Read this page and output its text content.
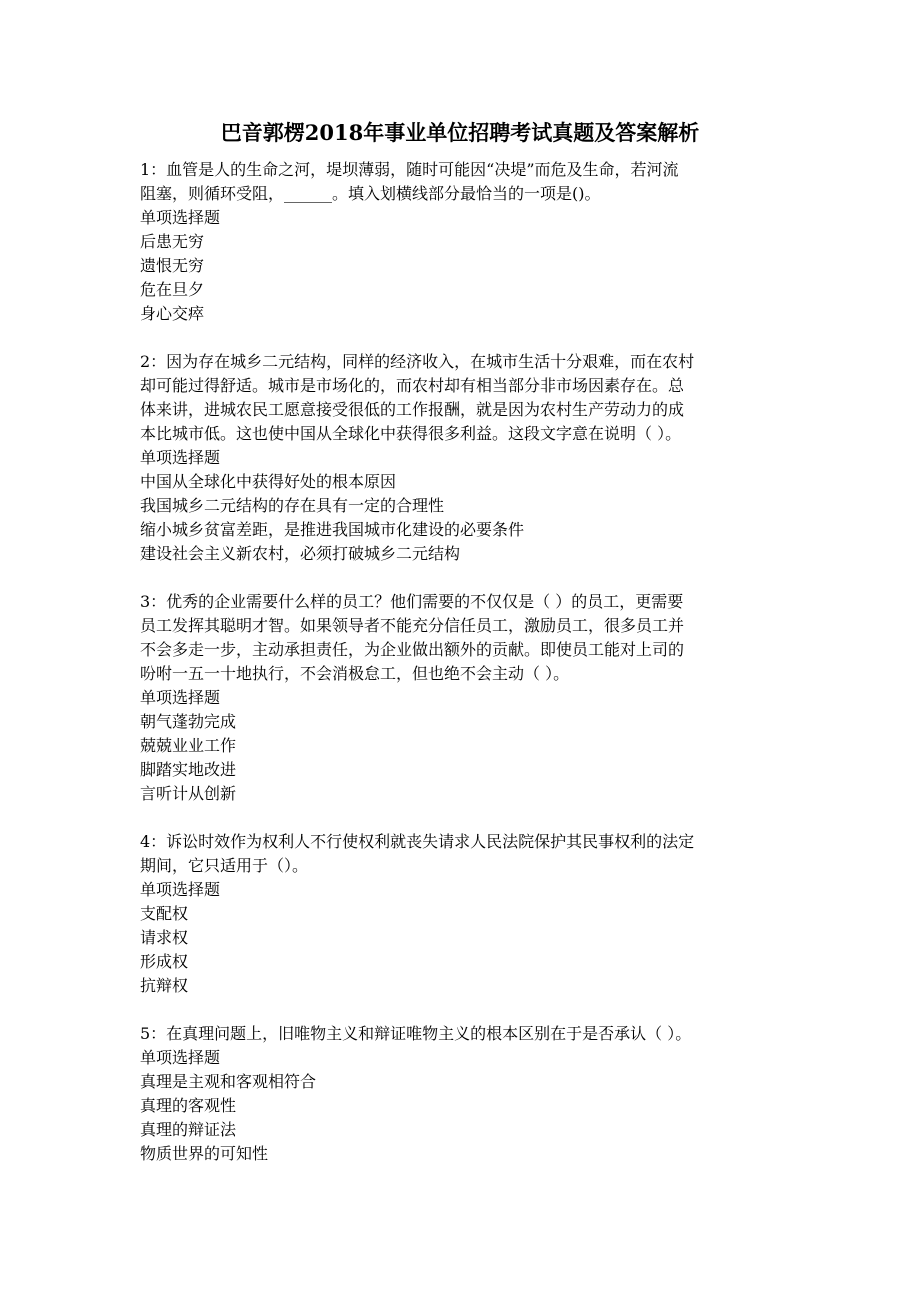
巴音郭楞2018年事业单位招聘考试真题及答案解析
1：血管是人的生命之河，堤坝薄弱，随时可能因“决堤”而危及生命，若河流
阻塞，则循环受阻，______。填入划横线部分最恰当的一项是()。
单项选择题
后患无穷
遗恨无穷
危在旦夕
身心交瘁
2：因为存在城乡二元结构，同样的经济收入，在城市生活十分艰难，而在农村
却可能过得舒适。城市是市场化的，而农村却有相当部分非市场因素存在。总
体来讲，进城农民工愿意接受很低的工作报酬，就是因为农村生产劳动力的成
本比城市低。这也使中国从全球化中获得很多利益。这段文字意在说明（ ）。
单项选择题
中国从全球化中获得好处的根本原因
我国城乡二元结构的存在具有一定的合理性
缩小城乡贫富差距，是推进我国城市化建设的必要条件
建设社会主义新农村，必须打破城乡二元结构
3：优秀的企业需要什么样的员工？他们需要的不仅仅是（ ）的员工，更需要
员工发挥其聪明才智。如果领导者不能充分信任员工，激励员工，很多员工并
不会多走一步，主动承担责任，为企业做出额外的贡献。即使员工能对上司的
吩咐一五一十地执行，不会消极怠工，但也绝不会主动（ ）。
单项选择题
朝气蓬勃完成
兢兢业业工作
脚踏实地改进
言听计从创新
4：诉讼时效作为权利人不行使权利就丧失请求人民法院保护其民事权利的法定
期间，它只适用于（）。
单项选择题
支配权
请求权
形成权
抗辩权
5：在真理问题上，旧唯物主义和辩证唯物主义的根本区别在于是否承认（ ）。
单项选择题
真理是主观和客观相符合
真理的客观性
真理的辩证法
物质世界的可知性
